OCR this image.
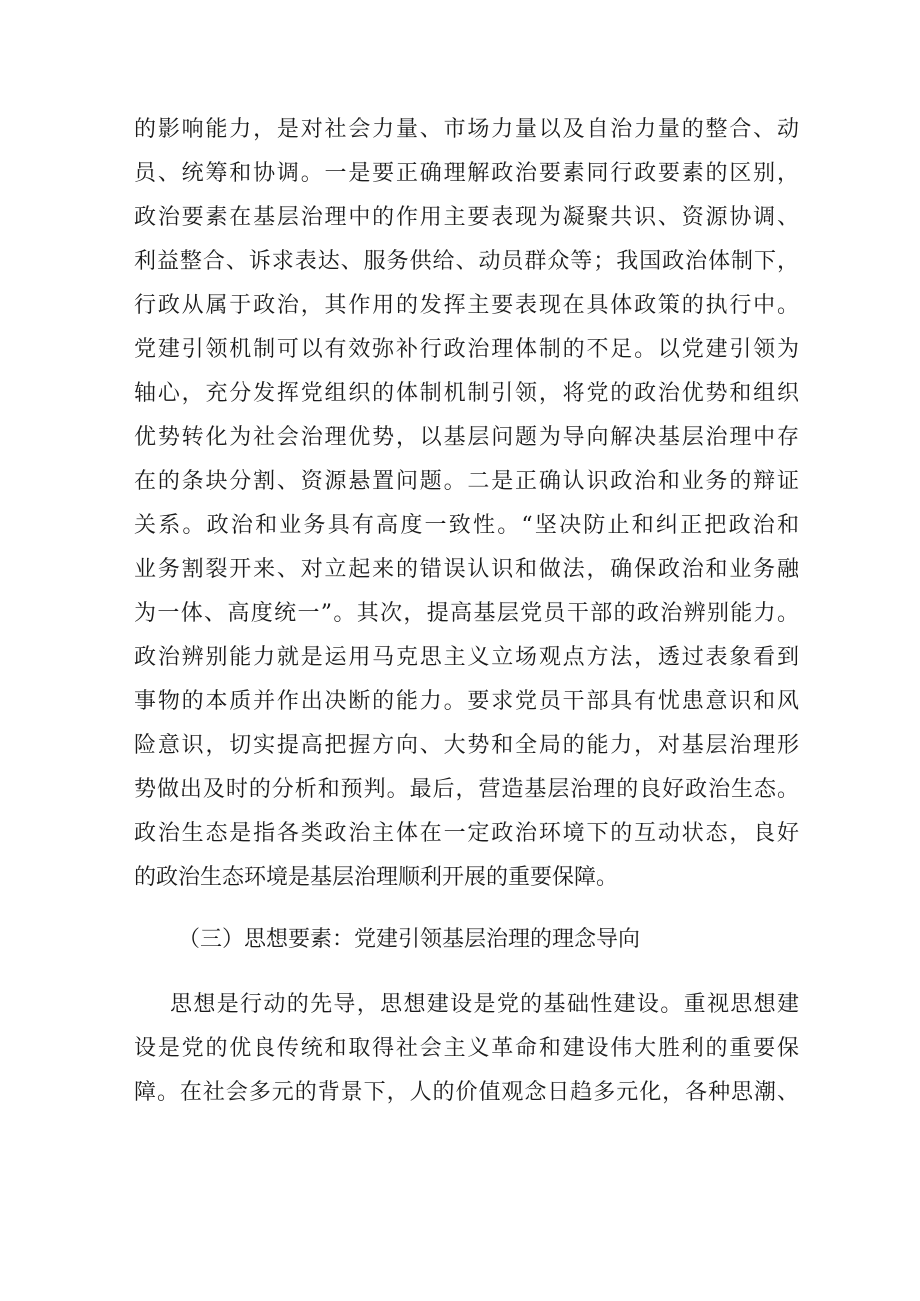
的影响能力，是对社会力量、市场力量以及自治力量的整合、动

员、统筹和协调。一是要正确理解政治要素同行政要素的区别，

政治要素在基层治理中的作用主要表现为凝聚共识、资源协调、

利益整合、诉求表达、服务供给、动员群众等；我国政治体制下，

行政从属于政治，其作用的发挥主要表现在具体政策的执行中。

党建引领机制可以有效弥补行政治理体制的不足。以党建引领为

轴心，充分发挥党组织的体制机制引领，将党的政治优势和组织

优势转化为社会治理优势，以基层问题为导向解决基层治理中存

在的条块分割、资源悬置问题。二是正确认识政治和业务的辩证

关系。政治和业务具有高度一致性。“坚决防止和纠正把政治和

业务割裂开来、对立起来的错误认识和做法，确保政治和业务融

为一体、高度统一”。其次，提高基层党员干部的政治辨别能力。

政治辨别能力就是运用马克思主义立场观点方法，透过表象看到

事物的本质并作出决断的能力。要求党员干部具有忧患意识和风

险意识，切实提高把握方向、大势和全局的能力，对基层治理形

势做出及时的分析和预判。最后，营造基层治理的良好政治生态。

政治生态是指各类政治主体在一定政治环境下的互动状态，良好

的政治生态环境是基层治理顺利开展的重要保障。

（三）思想要素：党建引领基层治理的理念导向

思想是行动的先导，思想建设是党的基础性建设。重视思想建

设是党的优良传统和取得社会主义革命和建设伟大胜利的重要保

障。在社会多元的背景下，人的价值观念日趋多元化，各种思潮、
